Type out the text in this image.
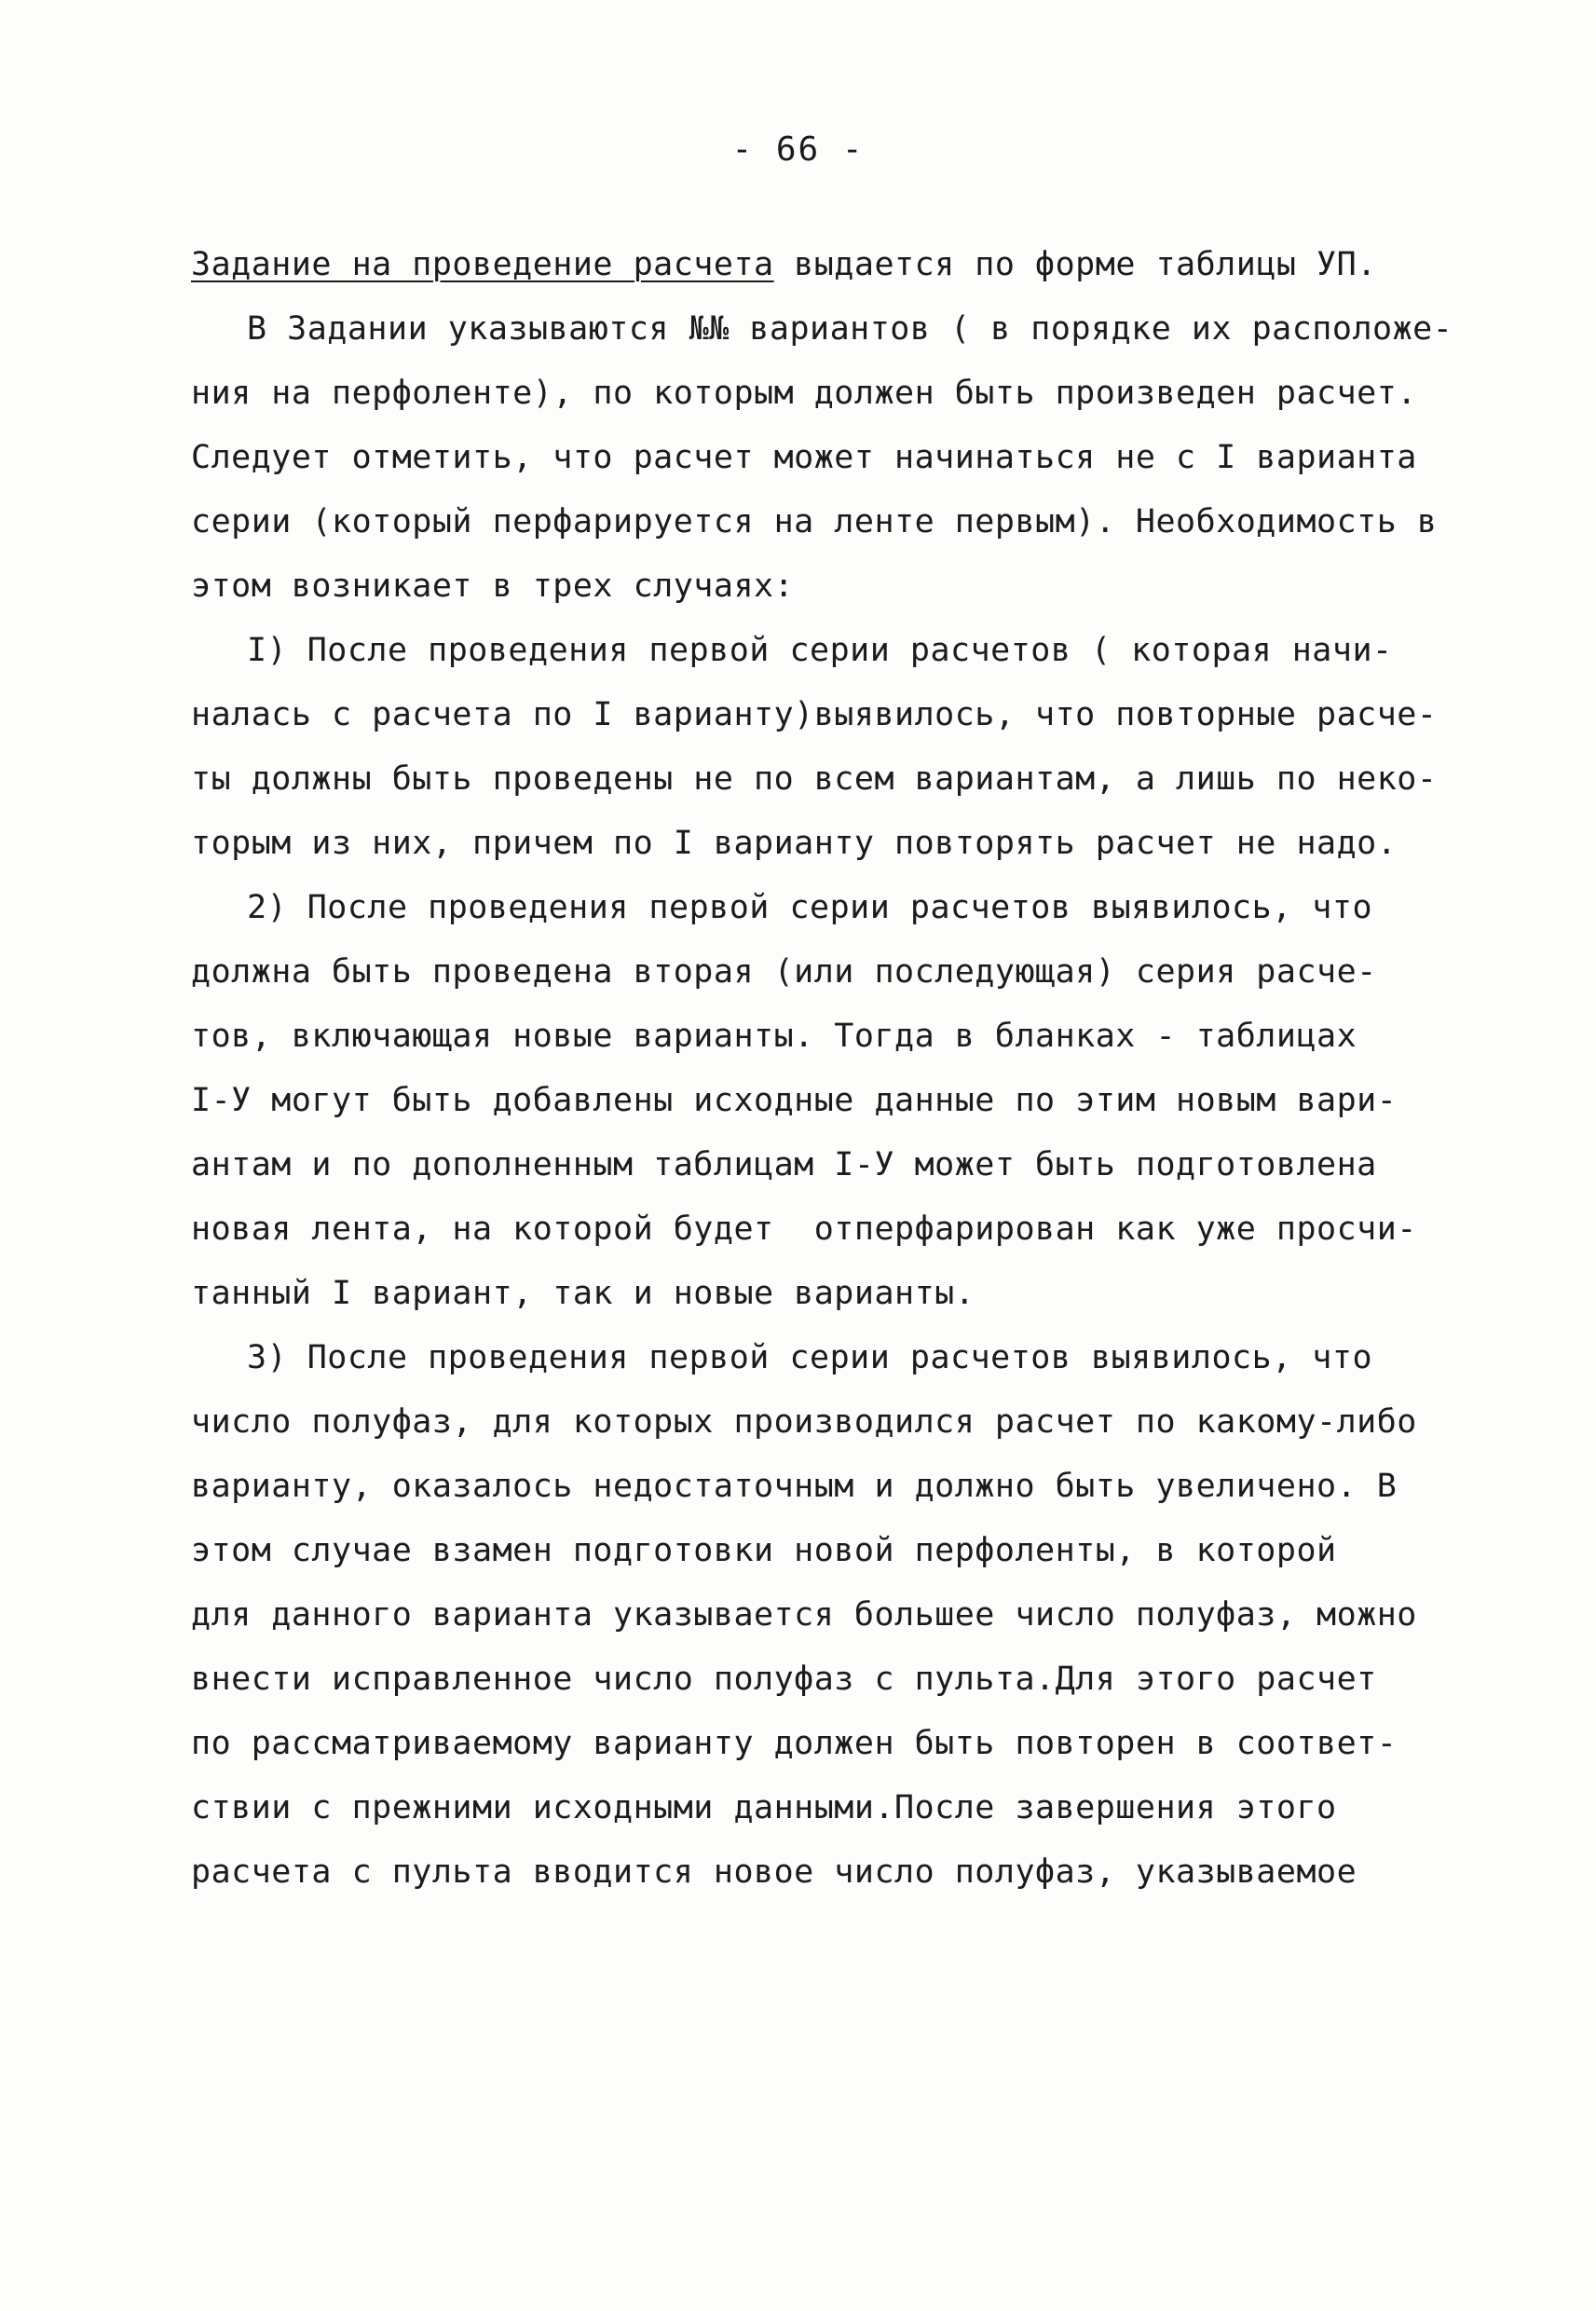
- 66 -
Задание на проведение расчета выдается по форме таблицы УП.
В Задании указываются №№ вариантов ( в порядке их расположе-
ния на перфоленте), по которым должен быть произведен расчет.
Следует отметить, что расчет может начинаться не с I варианта
серии (который перфарируется на ленте первым). Необходимость в
этом возникает в трех случаях:
I) После проведения первой серии расчетов ( которая начи-
налась с расчета по I варианту)выявилось, что повторные расче-
ты должны быть проведены не по всем вариантам, а лишь по неко-
торым из них, причем по I варианту повторять расчет не надо.
2) После проведения первой серии расчетов выявилось, что
должна быть проведена вторая (или последующая) серия расче-
тов, включающая новые варианты. Тогда в бланках - таблицах
I-У могут быть добавлены исходные данные по этим новым вари-
антам и по дополненным таблицам I-У может быть подготовлена
новая лента, на которой будет  отперфарирован как уже просчи-
танный I вариант, так и новые варианты.
3) После проведения первой серии расчетов выявилось, что
число полуфаз, для которых производился расчет по какому-либо
варианту, оказалось недостаточным и должно быть увеличено. В
этом случае взамен подготовки новой перфоленты, в которой
для данного варианта указывается большее число полуфаз, можно
внести исправленное число полуфаз с пульта.Для этого расчет
по рассматриваемому варианту должен быть повторен в соответ-
ствии с прежними исходными данными.После завершения этого
расчета с пульта вводится новое число полуфаз, указываемое
